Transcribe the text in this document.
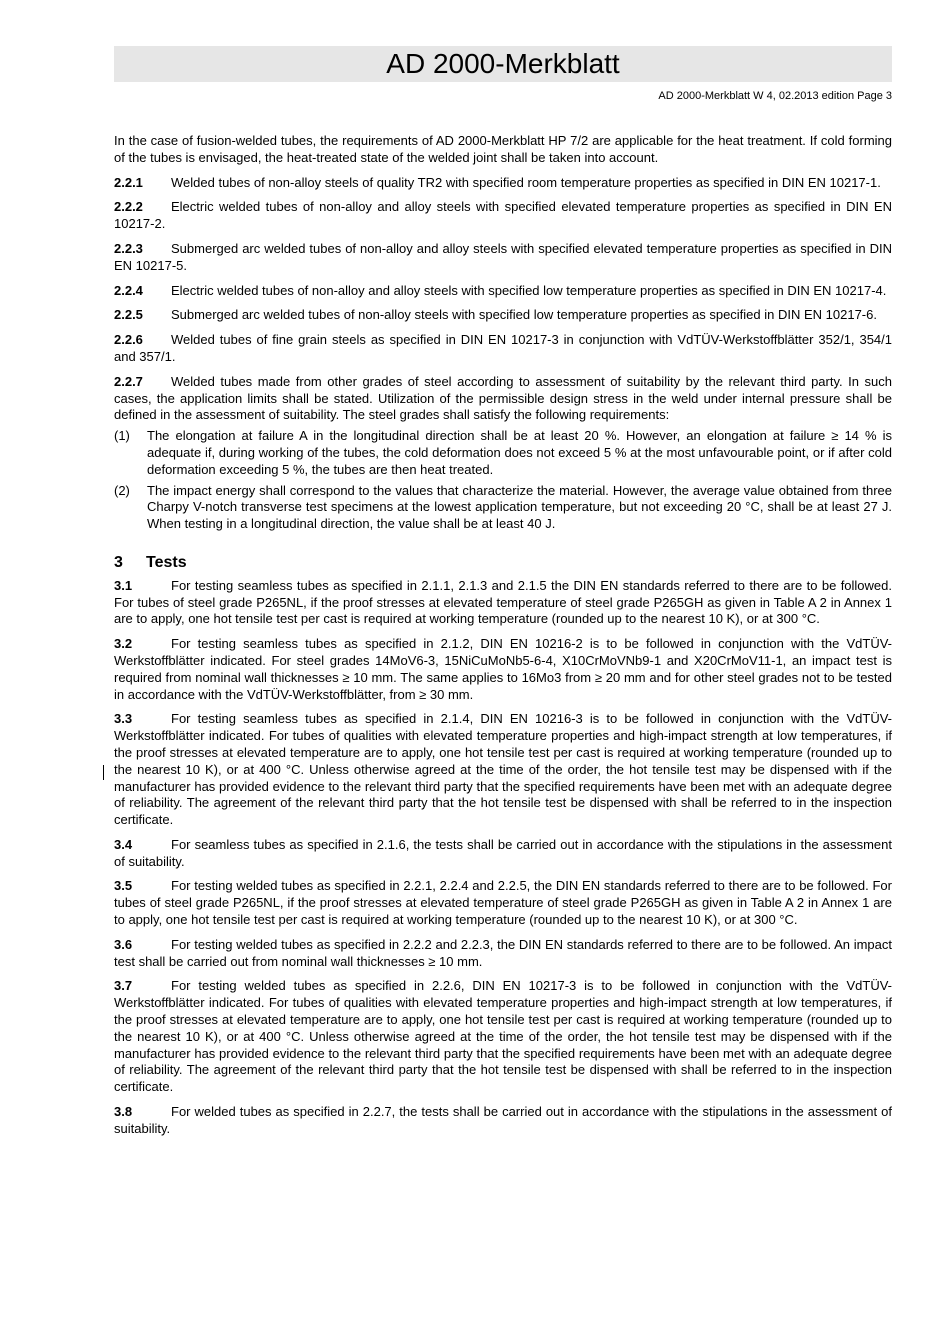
AD 2000-Merkblatt
AD 2000-Merkblatt W 4, 02.2013 edition Page 3

In the case of fusion-welded tubes, the requirements of AD 2000-Merkblatt HP 7/2 are applicable for the heat treatment. If cold forming of the tubes is envisaged, the heat-treated state of the welded joint shall be taken into account.

2.2.1 Welded tubes of non-alloy steels of quality TR2 with specified room temperature properties as specified in DIN EN 10217-1.

2.2.2 Electric welded tubes of non-alloy and alloy steels with specified elevated temperature properties as specified in DIN EN 10217-2.

2.2.3 Submerged arc welded tubes of non-alloy and alloy steels with specified elevated temperature properties as specified in DIN EN 10217-5.

2.2.4 Electric welded tubes of non-alloy and alloy steels with specified low temperature properties as specified in DIN EN 10217-4.

2.2.5 Submerged arc welded tubes of non-alloy steels with specified low temperature properties as specified in DIN EN 10217-6.

2.2.6 Welded tubes of fine grain steels as specified in DIN EN 10217-3 in conjunction with VdTÜV-Werkstoffblätter 352/1, 354/1 and 357/1.

2.2.7 Welded tubes made from other grades of steel according to assessment of suitability by the relevant third party. In such cases, the application limits shall be stated. Utilization of the permissible design stress in the weld under internal pressure shall be defined in the assessment of suitability. The steel grades shall satisfy the following requirements:

(1) The elongation at failure A in the longitudinal direction shall be at least 20 %. However, an elongation at failure ≥ 14 % is adequate if, during working of the tubes, the cold deformation does not exceed 5 % at the most unfavourable point, or if after cold deformation exceeding 5 %, the tubes are then heat treated.
(2) The impact energy shall correspond to the values that characterize the material. However, the average value obtained from three Charpy V-notch transverse test specimens at the lowest application temperature, but not exceeding 20 °C, shall be at least 27 J. When testing in a longitudinal direction, the value shall be at least 40 J.
3 Tests

3.1	For testing seamless tubes as specified in 2.1.1, 2.1.3 and 2.1.5 the DIN EN standards referred to there are to be followed. For tubes of steel grade P265NL, if the proof stresses at elevated temperature of steel grade P265GH as given in Table A 2 in Annex 1 are to apply, one hot tensile test per cast is required at working temperature (rounded up to the nearest 10 K), or at 300 °C.

3.2	For testing seamless tubes as specified in 2.1.2, DIN EN 10216-2 is to be followed in conjunction with the VdTÜV-Werkstoffblätter indicated. For steel grades 14MoV6-3, 15NiCuMoNb5-6-4, X10CrMoVNb9-1 and X20CrMoV11-1, an impact test is required from nominal wall thicknesses ≥ 10 mm. The same applies to 16Mo3 from ≥ 20 mm and for other steel grades not to be tested in accordance with the VdTÜV-Werkstoffblätter, from ≥ 30 mm.

3.3	For testing seamless tubes as specified in 2.1.4, DIN EN 10216-3 is to be followed in conjunction with the VdTÜV-Werkstoffblätter indicated. For tubes of qualities with elevated temperature properties and high-impact strength at low temperatures, if the proof stresses at elevated temperature are to apply, one hot tensile test per cast is required at working temperature (rounded up to the nearest 10 K), or at 400 °C. Unless otherwise agreed at the time of the order, the hot tensile test may be dispensed with if the manufacturer has provided evidence to the relevant third party that the specified requirements have been met with an adequate degree of reliability. The agreement of the relevant third party that the hot tensile test be dispensed with shall be referred to in the inspection certificate.

3.4	For seamless tubes as specified in 2.1.6, the tests shall be carried out in accordance with the stipulations in the assessment of suitability.

3.5	For testing welded tubes as specified in 2.2.1, 2.2.4 and 2.2.5, the DIN EN standards referred to there are to be followed. For tubes of steel grade P265NL, if the proof stresses at elevated temperature of steel grade P265GH as given in Table A 2 in Annex 1 are to apply, one hot tensile test per cast is required at working temperature (rounded up to the nearest 10 K), or at 300 °C.

3.6	For testing welded tubes as specified in 2.2.2 and 2.2.3, the DIN EN standards referred to there are to be followed. An impact test shall be carried out from nominal wall thicknesses ≥ 10 mm.

3.7	For testing welded tubes as specified in 2.2.6, DIN EN 10217-3 is to be followed in conjunction with the VdTÜV-Werkstoffblätter indicated. For tubes of qualities with elevated temperature properties and high-impact strength at low temperatures, if the proof stresses at elevated temperature are to apply, one hot tensile test per cast is required at working temperature (rounded up to the nearest 10 K), or at 400 °C. Unless otherwise agreed at the time of the order, the hot tensile test may be dispensed with if the manufacturer has provided evidence to the relevant third party that the specified requirements have been met with an adequate degree of reliability. The agreement of the relevant third party that the hot tensile test be dispensed with shall be referred to in the inspection certificate.

3.8	For welded tubes as specified in 2.2.7, the tests shall be carried out in accordance with the stipulations in the assessment of suitability.
